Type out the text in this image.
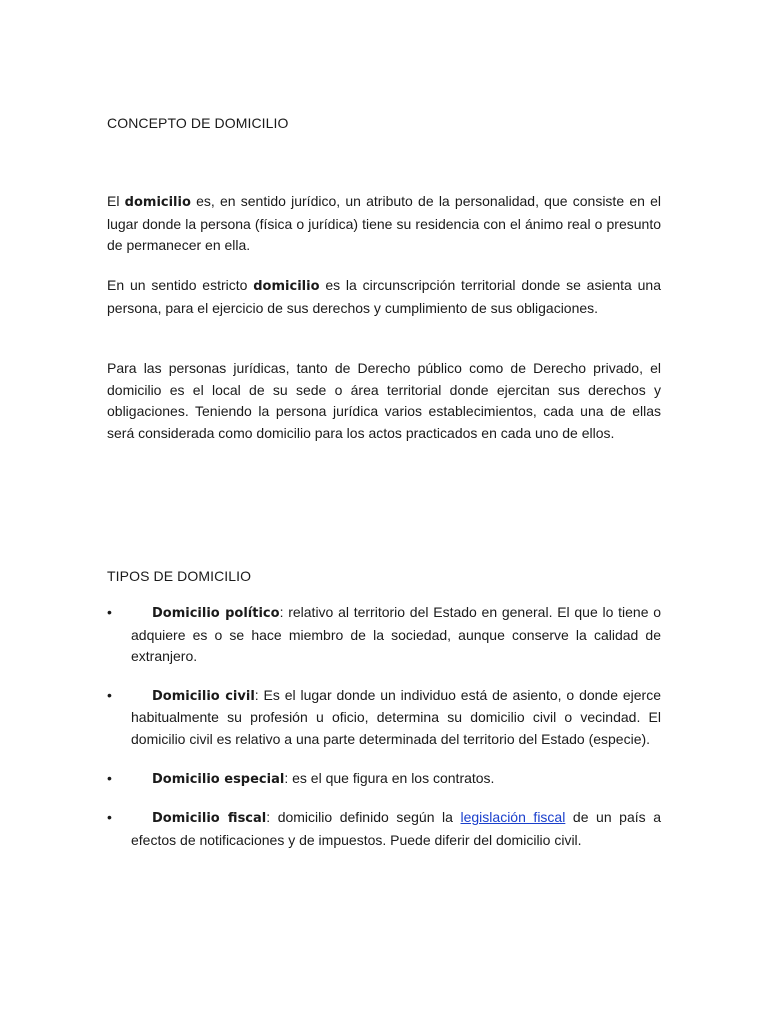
CONCEPTO DE DOMICILIO

El domicilio es, en sentido jurídico, un atributo de la personalidad, que consiste en el lugar donde la persona (física o jurídica) tiene su residencia con el ánimo real o presunto de permanecer en ella.

En un sentido estricto domicilio es la circunscripción territorial donde se asienta una persona, para el ejercicio de sus derechos y cumplimiento de sus obligaciones.

Para las personas jurídicas, tanto de Derecho público como de Derecho privado, el domicilio es el local de su sede o área territorial donde ejercitan sus derechos y obligaciones. Teniendo la persona jurídica varios establecimientos, cada una de ellas será considerada como domicilio para los actos practicados en cada uno de ellos.

TIPOS DE DOMICILIO
•	Domicilio político: relativo al territorio del Estado en general. El que lo tiene o adquiere es o se hace miembro de la sociedad, aunque conserve la calidad de extranjero.
•	Domicilio civil: Es el lugar donde un individuo está de asiento, o donde ejerce habitualmente su profesión u oficio, determina su domicilio civil o vecindad. El domicilio civil es relativo a una parte determinada del territorio del Estado (especie).
•	Domicilio especial: es el que figura en los contratos.
•	Domicilio fiscal: domicilio definido según la legislación fiscal de un país a efectos de notificaciones y de impuestos. Puede diferir del domicilio civil.
